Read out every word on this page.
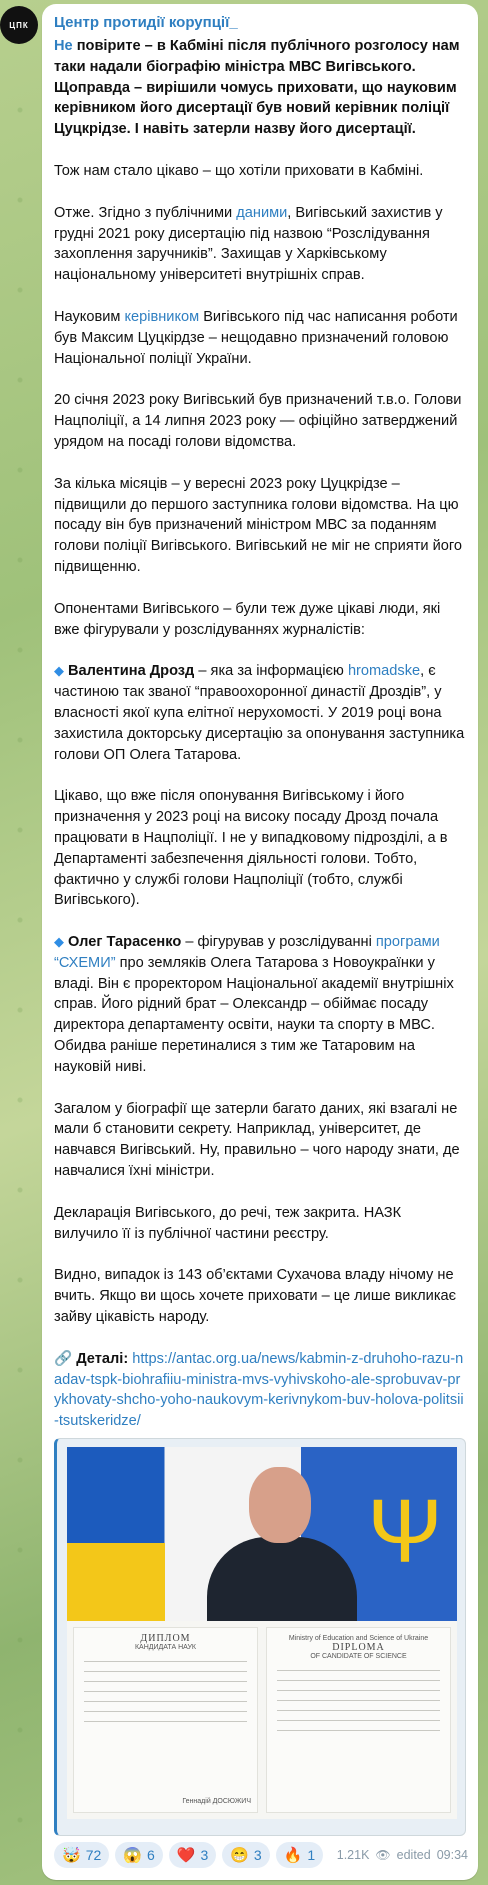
ЦПК Центр протидії корупції_

Не повірите – в Кабміні після публічного розголосу нам таки надали біографію міністра МВС Вигівського. Щоправда – вирішили чомусь приховати, що науковим керівником його дисертації був новий керівник поліції Цуцкрідзе. І навіть затерли назву його дисертації.

Тож нам стало цікаво – що хотіли приховати в Кабміні.

Отже. Згідно з публічними даними, Вигівський захистив у грудні 2021 року дисертацію під назвою “Розслідування захоплення заручників”. Захищав у Харківському національному університеті внутрішніх справ.

Науковим керівником Вигівського під час написання роботи був Максим Цуцкірдзе – нещодавно призначений головою Національної поліції України.

20 січня 2023 року Вигівський був призначений т.в.о. Голови Нацполіції, а 14 липня 2023 року — офіційно затверджений урядом на посаді голови відомства.

За кілька місяців – у вересні 2023 року Цуцкрідзе – підвищили до першого заступника голови відомства. На цю посаду він був призначений міністром МВС за поданням голови поліції Вигівського. Вигівський не міг не сприяти його підвищенню.

Опонентами Вигівського – були теж дуже цікаві люди, які вже фігурували у розслідуваннях журналістів:

◆ Валентина Дрозд – яка за інформацією hromadske, є частиною так званої “правоохоронної династії Дроздів”, у власності якої купа елітної нерухомості. У 2019 році вона захистила докторську дисертацію за опонування заступника голови ОП Олега Татарова.

Цікаво, що вже після опонування Вигівському і його призначення у 2023 році на високу посаду Дрозд почала працювати в Нацполіції. І не у випадковому підрозділі, а в Департаменті забезпечення діяльності голови. Тобто, фактично у службі голови Нацполіції (тобто, службі Вигівського).

◆ Олег Тарасенко – фігурував у розслідуванні програми “СХЕМИ” про земляків Олега Татарова з Новоукраїнки у владі. Він є проректором Національної академії внутрішніх справ. Його рідний брат – Олександр – обіймає посаду директора департаменту освіти, науки та спорту в МВС. Обидва раніше перетиналися з тим же Татаровим на науковій ниві.

Загалом у біографії ще затерли багато даних, які взагалі не мали б становити секрету. Наприклад, університет, де навчався Вигівський. Ну, правильно – чого народу знати, де навчалися їхні міністри.

Декларація Вигівського, до речі, теж закрита. НАЗК вилучило її із публічної частини реєстру.

Видно, випадок із 143 об’єктами Сухачова владу нічому не вчить. Якщо ви щось хочете приховати – це лише викликає зайву цікавість народу.

🔗 Деталі: https://antac.org.ua/news/kabmin-z-druhoho-razu-nadav-tspk-biohrafiiu-ministra-mvs-vyhivskoho-ale-sprobuvav-prykhovaty-shcho-yoho-naukovym-kerivnykom-buv-holova-politsii-tsutskeridze/

Ψ
ДИПЛОМ
КАНДИДАТА НАУК
Геннадій ДОСЮЖИЧ
Ministry of Education and Science of Ukraine
DIPLOMA
OF CANDIDATE OF SCIENCE
🤯 72 😱 6 ❤️ 3 😁 3 🔥 1 1.21K 👁 edited 09:34
